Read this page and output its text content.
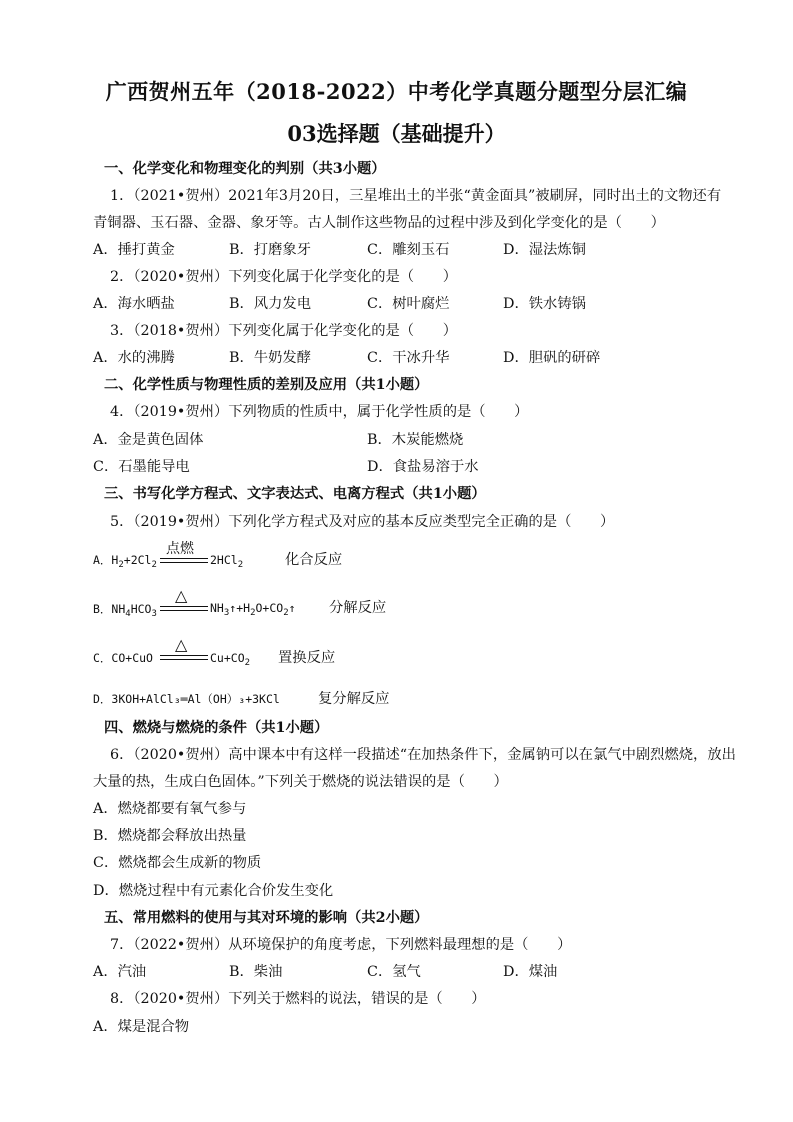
广西贺州五年（2018-2022）中考化学真题分题型分层汇编
03选择题（基础提升）
一、化学变化和物理变化的判别（共3小题）
1．（2021•贺州）2021年3月20日，三星堆出土的半张“黄金面具”被刷屏，同时出土的文物还有
青铜器、玉石器、金器、象牙等。古人制作这些物品的过程中涉及到化学变化的是（　　）
A．捶打黄金	B．打磨象牙	C．雕刻玉石	D．湿法炼铜
2．（2020•贺州）下列变化属于化学变化的是（　　）
A．海水晒盐	B．风力发电	C．树叶腐烂	D．铁水铸锅
3．（2018•贺州）下列变化属于化学变化的是（　　）
A．水的沸腾	B．牛奶发酵	C．干冰升华	D．胆矾的研碎
二、化学性质与物理性质的差别及应用（共1小题）
4．（2019•贺州）下列物质的性质中，属于化学性质的是（　　）
A．金是黄色固体	B．木炭能燃烧
C．石墨能导电	D．食盐易溶于水
三、书写化学方程式、文字表达式、电离方程式（共1小题）
5．（2019•贺州）下列化学方程式及对应的基本反应类型完全正确的是（　　）
点燃
A．$H_2+2Cl_2$	2HCl$_2$	化合反应
△
B．$NH_4HCO_3$	$NH_3↑+H_2O+CO_2↑$ 分解反应
△
C．CO+CuO	$Cu+CO_2$ 置换反应
D．3KOH+AlCl₃═Al（OH）₃+3KCl	复分解反应
四、燃烧与燃烧的条件（共1小题）
6．（2020•贺州）高中课本中有这样一段描述“在加热条件下，金属钠可以在氯气中剧烈燃烧，放出
大量的热，生成白色固体。”下列关于燃烧的说法错误的是（　　）
A．燃烧都要有氧气参与
B．燃烧都会释放出热量
C．燃烧都会生成新的物质
D．燃烧过程中有元素化合价发生变化
五、常用燃料的使用与其对环境的影响（共2小题）
7．（2022•贺州）从环境保护的角度考虑，下列燃料最理想的是（　　）
A．汽油	B．柴油	C．氢气	D．煤油
8．（2020•贺州）下列关于燃料的说法，错误的是（　　）
A．煤是混合物
